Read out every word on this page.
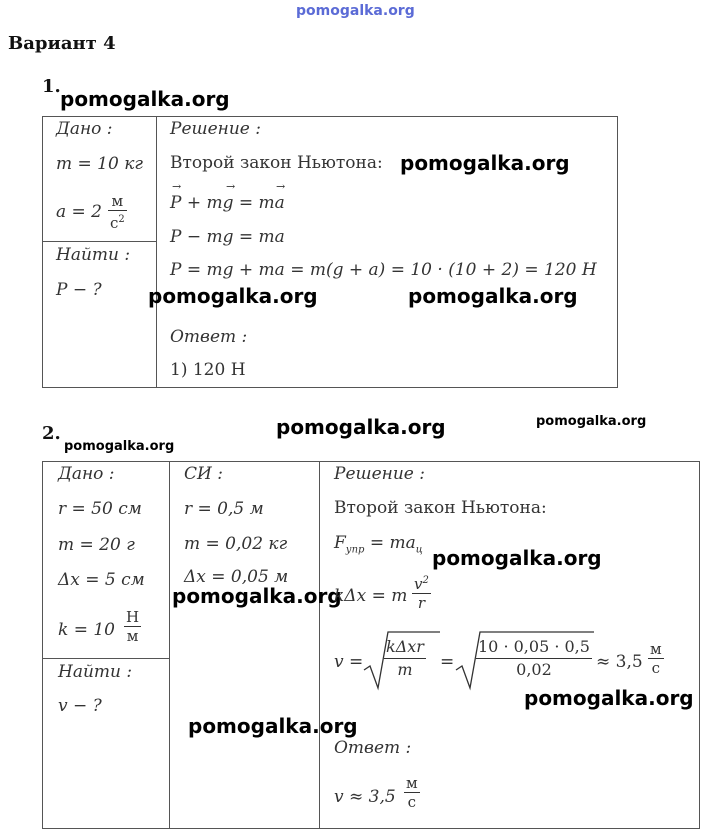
pomogalka.org
Вариант 4
1.
pomogalka.org
Дано :
m = 10 кг
a = 2
м
$с^2$
Найти :
P − ?
Решение :
Второй закон Ньютона: pomogalka.org
P + mg = ma
→	→	→
P − mg = ma
P = mg + ma = m(g + a) = 10 · (10 + 2) = 120 Н
pomogalka.org	pomogalka.org
Ответ :
1) 120 Н
2.
pomogalka.org
pomogalka.org	pomogalka.org
Дано :
r = 50 см
m = 20 г
Δx = 5 см
k = 10
Н
м
Найти :
v − ?
СИ :
r = 0,5 м
m = 0,02 кг
Δx = 0,05 м
pomogalka.org
Решение :
Второй закон Ньютона:
$F_{упр} = ma_ц$ pomogalka.org
kΔx = m $\frac{v^2}{r}$
v =
kΔxr
m	= $\frac{10 \cdot 0,05 \cdot 0,5}{0,02} \approx 3,5$
м
с
pomogalka.org
pomogalka.org
Ответ :
v ≈ 3,5
м
с
